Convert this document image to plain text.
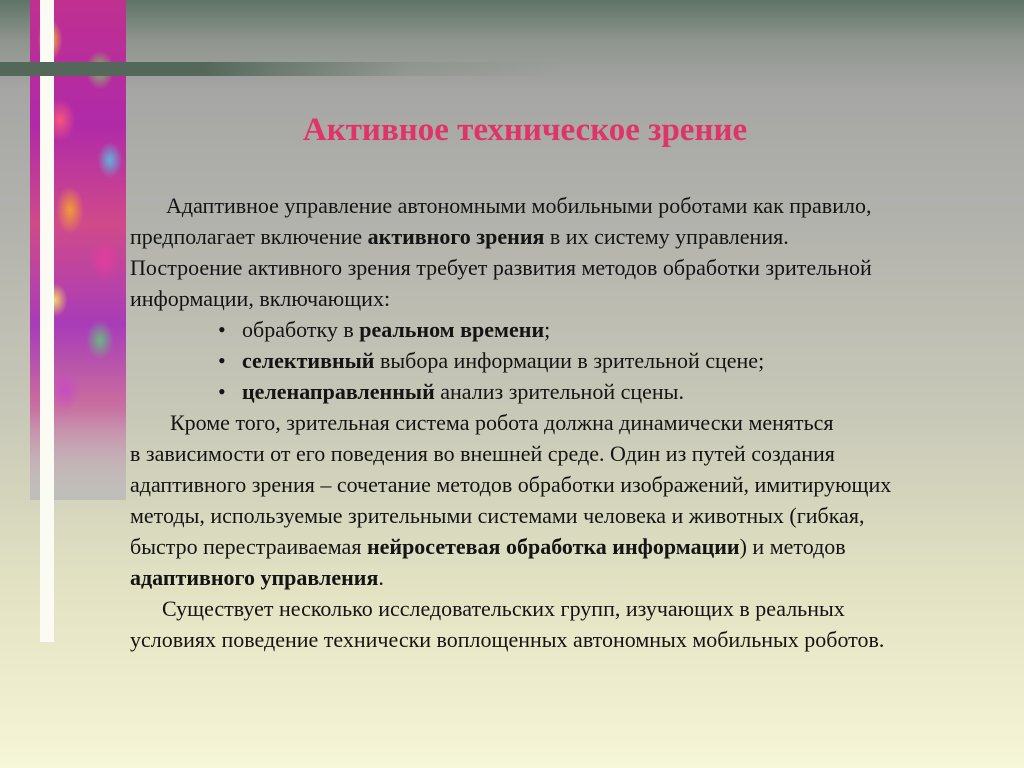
Активное техническое зрение

Адаптивное управление автономными мобильными роботами как правило,
предполагает включение активного зрения в их систему управления.
Построение активного зрения требует развития методов обработки зрительной
информации, включающих:

• обработку в реальном времени;
• селективный выбора информации в зрительной сцене;
• целенаправленный анализ зрительной сцены.

Кроме того, зрительная система робота должна динамически меняться
в зависимости от его поведения во внешней среде. Один из путей создания
адаптивного зрения – сочетание методов обработки изображений, имитирующих
методы, используемые зрительными системами человека и животных (гибкая,
быстро перестраиваемая нейросетевая обработка информации) и методов
адаптивного управления.

Существует несколько исследовательских групп, изучающих в реальных
условиях поведение технически воплощенных автономных мобильных роботов.
